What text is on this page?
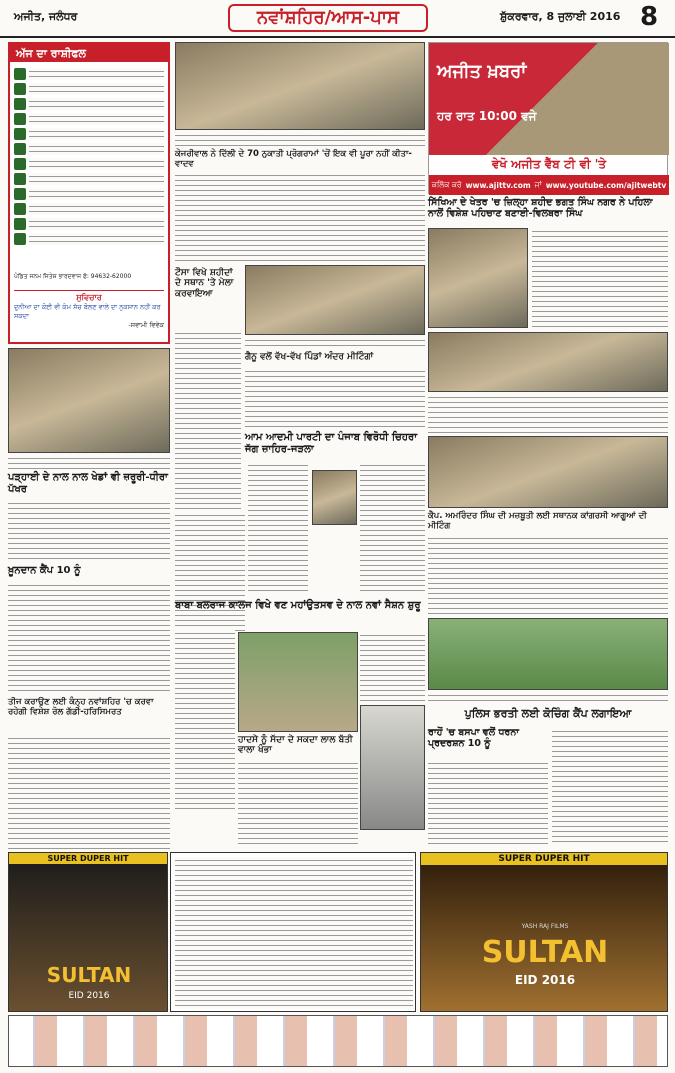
ਅਜੀਤ, ਜਲੰਧਰ	ਨਵਾਂਸ਼ਹਿਰ/ਆਸ-ਪਾਸ	ਸ਼ੁੱਕਰਵਾਰ, 8 ਜੁਲਾਈ 2016 8
ਅੱਜ ਦਾ ਰਾਸ਼ੀਫਲ
ਪੰਡਿਤ ਜਨਮ ਜਿਤੇਸ਼ ਭਾਰਦਵਾਜ ਫੋ: 94632-62000
ਸੁਵਿਚਾਰ
ਦੁਨੀਆ ਦਾ ਕੋਈ ਵੀ ਕੰਮ ਸੱਚ ਬੋਲਣ ਵਾਲੇ ਦਾ ਨੁਕਸਾਨ ਨਹੀਂ ਕਰ ਸਕਦਾ
-ਸਵਾਮੀ ਵਿਵੇਕ
ਪੜ੍ਹਾਈ ਦੇ ਨਾਲ ਨਾਲ ਖੇਡਾਂ ਵੀ ਜ਼ਰੂਰੀ-ਧੀਰਾ ਪੱਖਰ
ਖ਼ੂਨਦਾਨ ਕੈਂਪ 10 ਨੂੰ
ਤੀਜ ਕਰਾਉਣ ਲਈ ਕੰਨ੍ਹ ਨਵਾਂਸ਼ਹਿਰ 'ਚ ਕਰਵਾ ਰਹੇਗੀ ਵਿਸ਼ੇਸ਼ ਰੋਲ ਗੱਡੀ-ਹਰਿਸਿਮਰਤ
ਕੇਜਰੀਵਾਲ ਨੇ ਦਿੱਲੀ ਦੇ 70 ਨੁਕਾਤੀ ਪ੍ਰੋਗਰਾਮਾਂ 'ਚੋਂ ਇਕ ਵੀ ਪੂਰਾ ਨਹੀਂ ਕੀਤਾ-ਵਾਦਵ
ਅਜੀਤ ਖ਼ਬਰਾਂ
ਹਰ ਰਾਤ 10:00 ਵਜੇ
ਵੇਖੋ ਅਜੀਤ ਵੈੱਬ ਟੀ ਵੀ 'ਤੇ
ਕਲਿੱਕ ਕਰੋ www.ajittv.com ਜਾਂ www.youtube.com/ajitwebtv
ਸਿੱਖਿਆ ਦੇ ਖੇਤਰ 'ਚ ਜ਼ਿਲ੍ਹਾ ਸ਼ਹੀਦ ਭਗਤ ਸਿੰਘ ਨਗਰ ਨੇ ਪਹਿਲਾ ਨਾਲੋਂ ਵਿਸ਼ੇਸ਼ ਪਹਿਚਾਣ ਬਣਾਈ-ਵਿਲਬਰਾ ਸਿੰਘ
ਟੌਸਾ ਵਿਖੇ ਸ਼ਹੀਦਾਂ ਦੇ ਸਥਾਨ 'ਤੇ ਮੇਲਾ ਕਰਵਾਇਆ
ਗੈਨੂ ਵਲੋਂ ਵੱਖ-ਵੱਖ ਪਿੰਡਾਂ ਅੰਦਰ ਮੀਟਿੰਗਾਂ
ਆਮ ਆਦਮੀ ਪਾਰਟੀ ਦਾ ਪੰਜਾਬ ਵਿਰੋਧੀ ਚਿਹਰਾ ਜੱਗ ਜ਼ਾਹਿਰ-ਜੜਲਾ
ਕੈਪ. ਅਮਰਿੰਦਰ ਸਿੰਘ ਦੀ ਮਜ਼ਬੂਤੀ ਲਈ ਸਥਾਨਕ ਕਾਂਗਰਸੀ ਆਗੂਆਂ ਦੀ ਮੀਟਿੰਗ
ਬਾਬਾ ਬਲਰਾਜ ਕਾਲਜ ਵਿਖੇ ਵਣ ਮਹਾਂਉਤਸਵ ਦੇ ਨਾਲ ਨਵਾਂ ਸੈਸ਼ਨ ਸ਼ੁਰੂ
ਹਾਦਸੇ ਨੂੰ ਸੱਦਾ ਦੇ ਸਕਦਾ ਲਾਲ ਬੱਤੀ ਵਾਲਾ ਖੰਭਾ
ਪੁਲਿਸ ਭਰਤੀ ਲਈ ਕੋਚਿੰਗ ਕੈਂਪ ਲਗਾਇਆ
ਰਾਹੋਂ 'ਚ ਬਸਪਾ ਵਲੋਂ ਧਰਨਾ ਪ੍ਰਦਰਸ਼ਨ 10 ਨੂੰ
SUPER DUPER HIT
SULTAN
EID 2016
SUPER DUPER HIT
YASH RAJ FILMS
SULTAN
EID 2016
